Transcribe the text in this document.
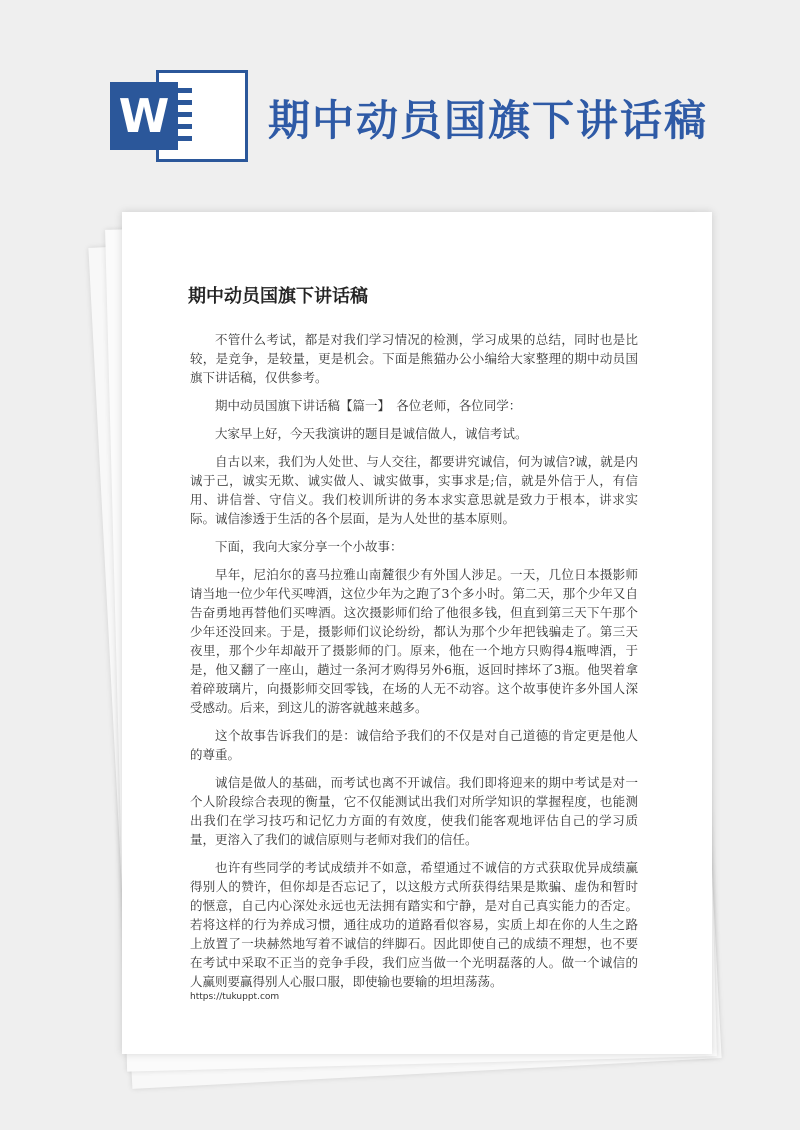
W 期中动员国旗下讲话稿
期中动员国旗下讲话稿

不管什么考试，都是对我们学习情况的检测，学习成果的总结，同时也是比较，是竞争，是较量，更是机会。下面是熊猫办公小编给大家整理的期中动员国旗下讲话稿，仅供参考。

期中动员国旗下讲话稿【篇一】　各位老师，各位同学：

大家早上好，今天我演讲的题目是诚信做人，诚信考试。

自古以来，我们为人处世、与人交往，都要讲究诚信，何为诚信?诚，就是内诚于己，诚实无欺、诚实做人、诚实做事，实事求是;信，就是外信于人，有信用、讲信誉、守信义。我们校训所讲的务本求实意思就是致力于根本，讲求实际。诚信渗透于生活的各个层面，是为人处世的基本原则。

下面，我向大家分享一个小故事：

早年，尼泊尔的喜马拉雅山南麓很少有外国人涉足。一天，几位日本摄影师请当地一位少年代买啤酒，这位少年为之跑了3个多小时。第二天，那个少年又自告奋勇地再替他们买啤酒。这次摄影师们给了他很多钱，但直到第三天下午那个少年还没回来。于是，摄影师们议论纷纷，都认为那个少年把钱骗走了。第三天夜里，那个少年却敲开了摄影师的门。原来，他在一个地方只购得4瓶啤酒，于是，他又翻了一座山，趟过一条河才购得另外6瓶，返回时摔坏了3瓶。他哭着拿着碎玻璃片，向摄影师交回零钱，在场的人无不动容。这个故事使许多外国人深受感动。后来，到这儿的游客就越来越多。

这个故事告诉我们的是：诚信给予我们的不仅是对自己道德的肯定更是他人的尊重。

诚信是做人的基础，而考试也离不开诚信。我们即将迎来的期中考试是对一个人阶段综合表现的衡量，它不仅能测试出我们对所学知识的掌握程度，也能测出我们在学习技巧和记忆力方面的有效度，使我们能客观地评估自己的学习质量，更溶入了我们的诚信原则与老师对我们的信任。

也许有些同学的考试成绩并不如意，希望通过不诚信的方式获取优异成绩赢得别人的赞许，但你却是否忘记了，以这般方式所获得结果是欺骗、虚伪和暂时的惬意，自己内心深处永远也无法拥有踏实和宁静，是对自己真实能力的否定。若将这样的行为养成习惯，通往成功的道路看似容易，实质上却在你的人生之路上放置了一块赫然地写着不诚信的绊脚石。因此即使自己的成绩不理想，也不要在考试中采取不正当的竞争手段，我们应当做一个光明磊落的人。做一个诚信的人赢则要赢得别人心服口服，即使输也要输的坦坦荡荡。

https://tukuppt.com
